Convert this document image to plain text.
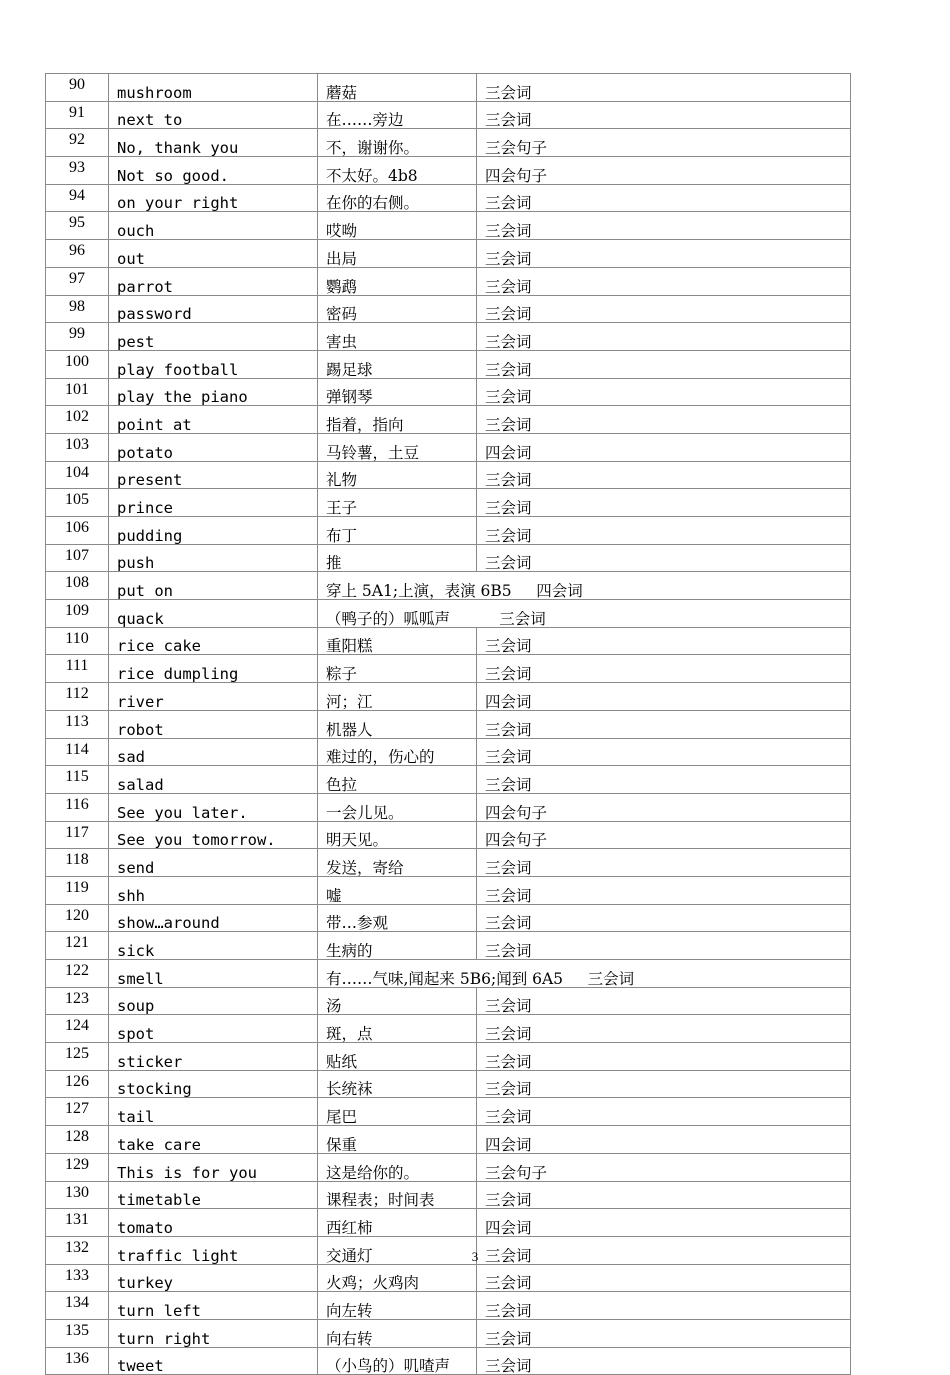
90	mushroom	蘑菇	三会词
91	next to	在……旁边	三会词
92	No, thank you	不，谢谢你。	三会句子
93	Not so good.	不太好。4b8	四会句子
94	on your right	在你的右侧。	三会词
95	ouch	哎呦	三会词
96	out	出局	三会词
97	parrot	鹦鹉	三会词
98	password	密码	三会词
99	pest	害虫	三会词
100	play football	踢足球	三会词
101	play the piano	弹钢琴	三会词
102	point at	指着，指向	三会词
103	potato	马铃薯，土豆	四会词
104	present	礼物	三会词
105	prince	王子	三会词
106	pudding	布丁	三会词
107	push	推	三会词
108	put on	穿上 5A1;上演，表演 6B5     四会词	
109	quack	（鸭子的）呱呱声          三会词	
110	rice cake	重阳糕	三会词
111	rice dumpling	粽子	三会词
112	river	河；江	四会词
113	robot	机器人	三会词
114	sad	难过的，伤心的	三会词
115	salad	色拉	三会词
116	See you later.	一会儿见。	四会句子
117	See you tomorrow.	明天见。	四会句子
118	send	发送，寄给	三会词
119	shh	嘘	三会词
120	show…around	带…参观	三会词
121	sick	生病的	三会词
122	smell	有……气味,闻起来 5B6;闻到 6A5     三会词	
123	soup	汤	三会词
124	spot	斑，点	三会词
125	sticker	贴纸	三会词
126	stocking	长统袜	三会词
127	tail	尾巴	三会词
128	take care	保重	四会词
129	This is for you	这是给你的。	三会句子
130	timetable	课程表；时间表	三会词
131	tomato	西红柿	四会词
132	traffic light	交通灯	三会词
133	turkey	火鸡；火鸡肉	三会词
134	turn left	向左转	三会词
135	turn right	向右转	三会词
136	tweet	（小鸟的）叽喳声	三会词
3
